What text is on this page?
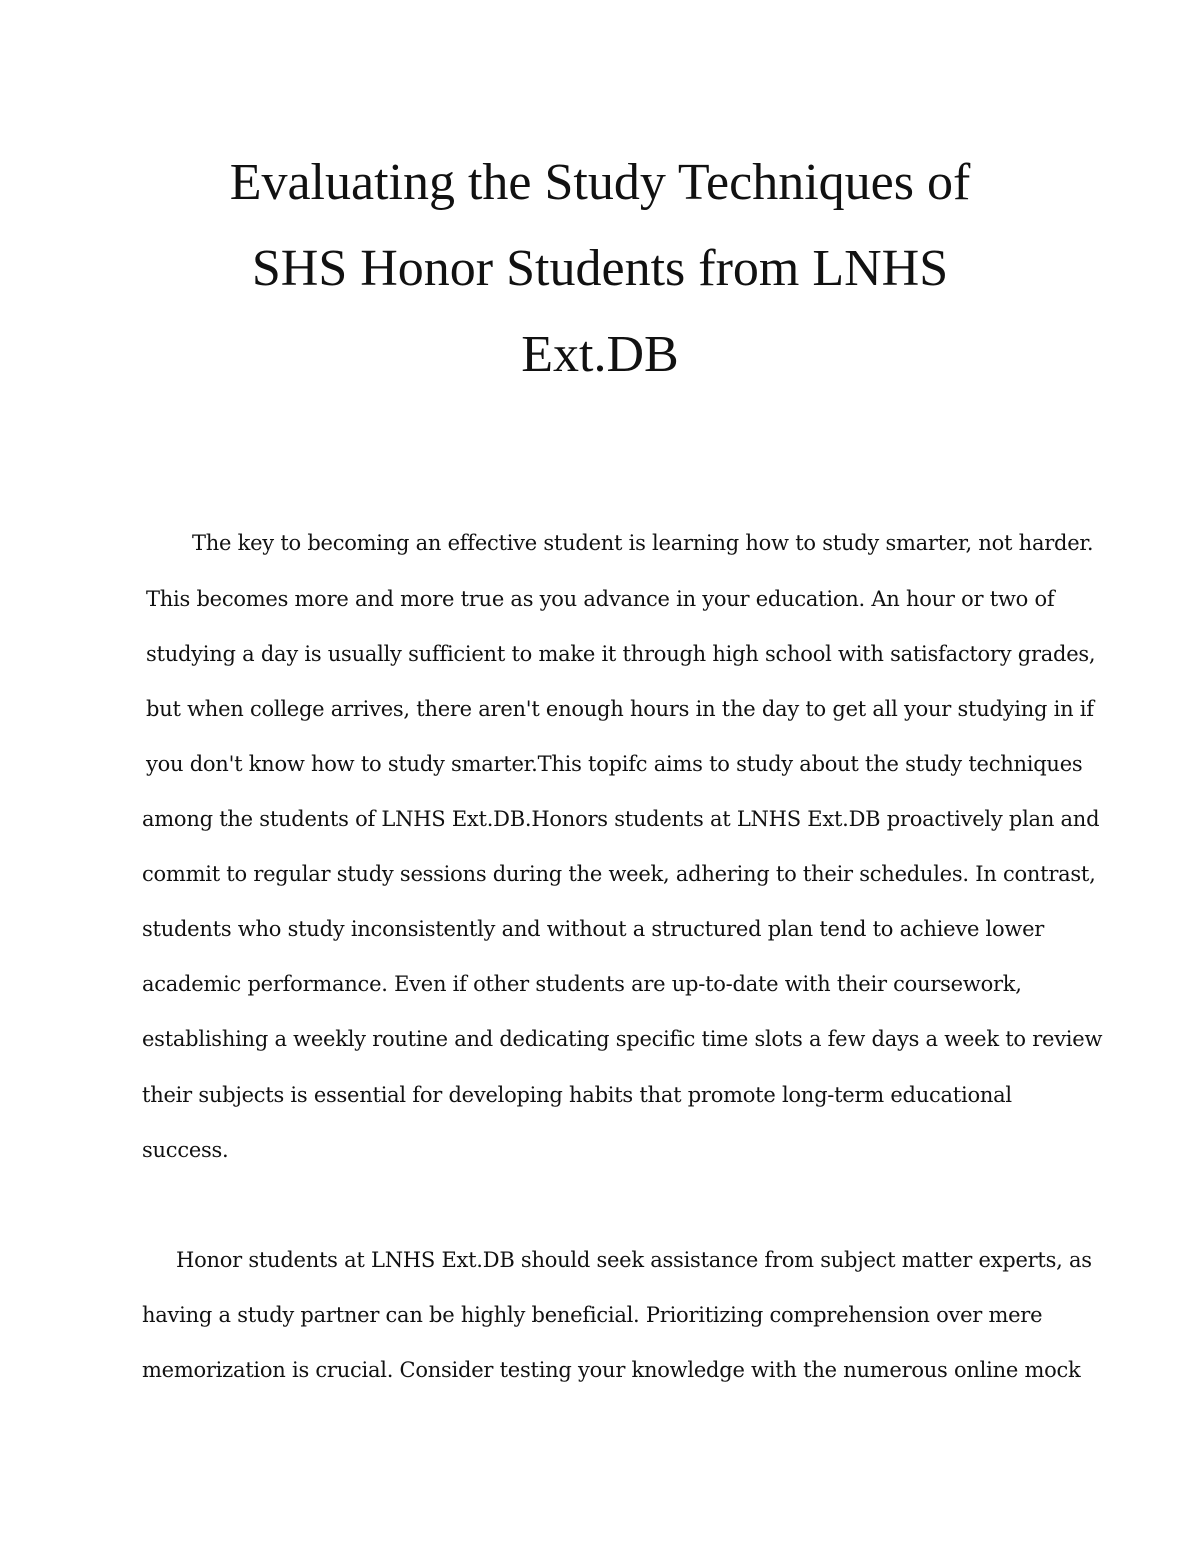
Evaluating the Study Techniques of
SHS Honor Students from LNHS
Ext.DB
The key to becoming an effective student is learning how to study smarter, not harder.
This becomes more and more true as you advance in your education. An hour or two of
studying a day is usually sufficient to make it through high school with satisfactory grades,
but when college arrives, there aren't enough hours in the day to get all your studying in if
you don't know how to study smarter.This topifc aims to study about the study techniques
among the students of LNHS Ext.DB.Honors students at LNHS Ext.DB proactively plan and
commit to regular study sessions during the week, adhering to their schedules. In contrast,
students who study inconsistently and without a structured plan tend to achieve lower
academic performance. Even if other students are up-to-date with their coursework,
establishing a weekly routine and dedicating specific time slots a few days a week to review
their subjects is essential for developing habits that promote long-term educational
success.
Honor students at LNHS Ext.DB should seek assistance from subject matter experts, as
having a study partner can be highly beneficial. Prioritizing comprehension over mere
memorization is crucial. Consider testing your knowledge with the numerous online mock
